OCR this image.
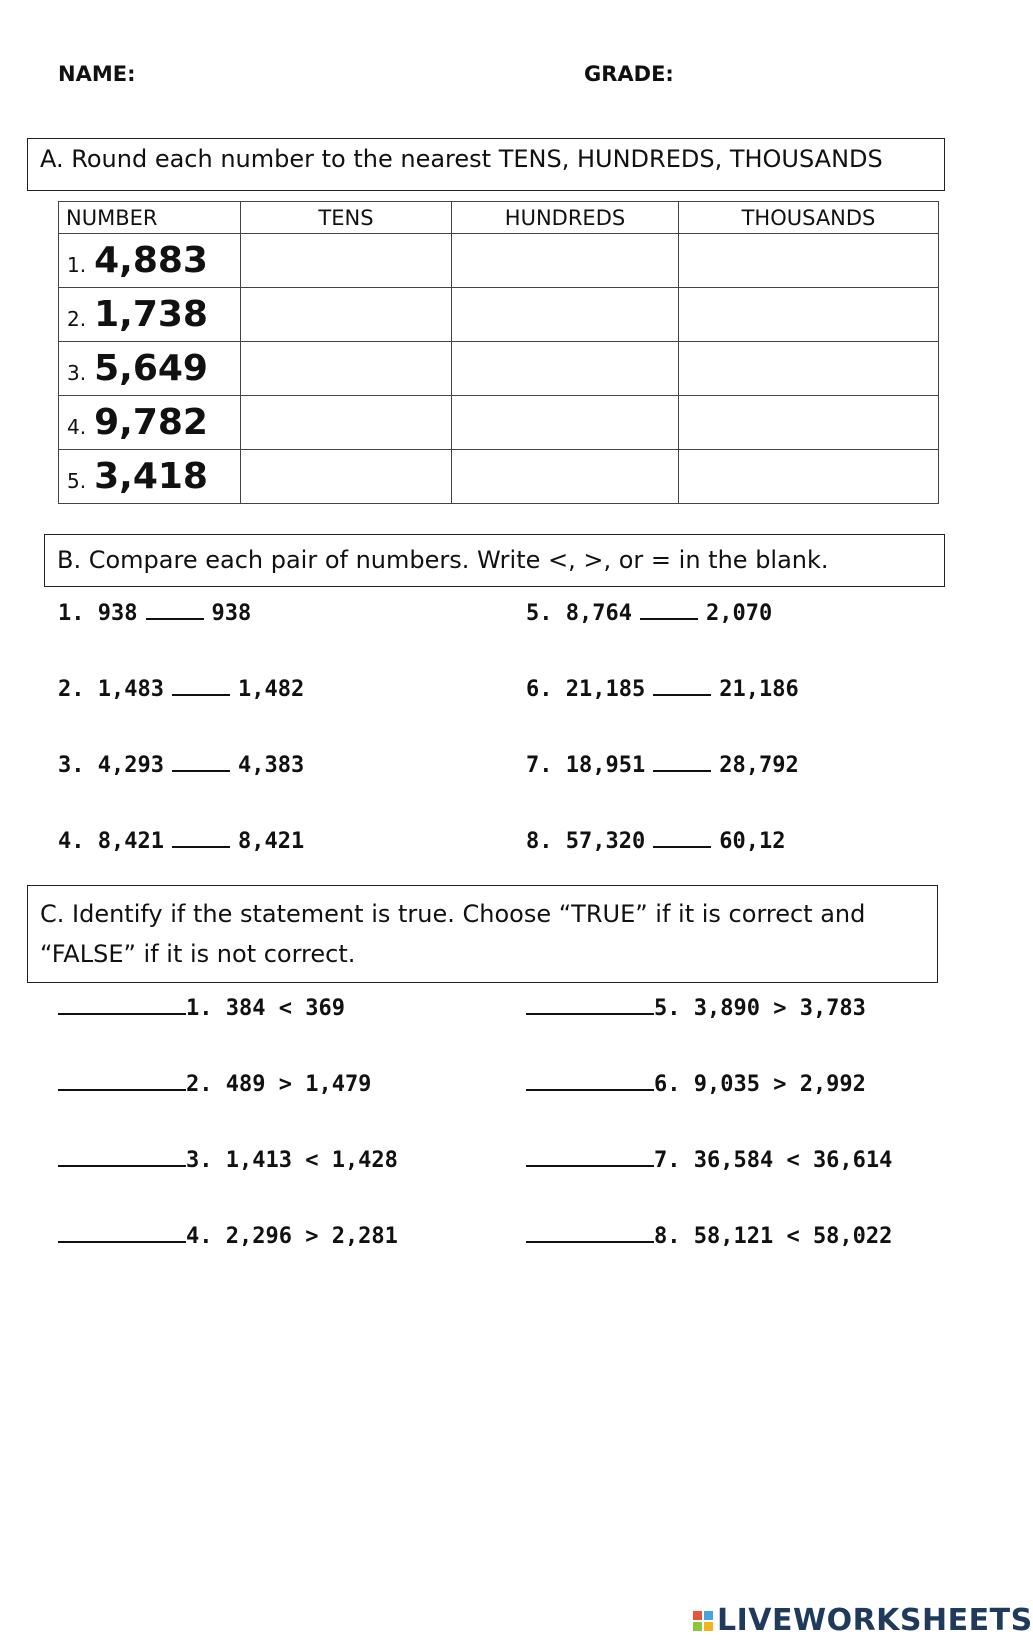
NAME:	GRADE:
A. Round each number to the nearest TENS, HUNDREDS, THOUSANDS
NUMBER	TENS	HUNDREDS	THOUSANDS
1. 4,883			
2. 1,738			
3. 5,649			
4. 9,782			
5. 3,418			
B. Compare each pair of numbers. Write <, >, or = in the blank.
1. 938	938
2. 1,483	1,482
3. 4,293	4,383
4. 8,421	8,421
5. 8,764	2,070
6. 21,185	21,186
7. 18,951	28,792
8. 57,320	60,12
C. Identify if the statement is true. Choose “TRUE” if it is correct and
“FALSE” if it is not correct.
1. 384 < 369
2. 489 > 1,479
3. 1,413 < 1,428
4. 2,296 > 2,281
5. 3,890 > 3,783
6. 9,035 > 2,992
7. 36,584 < 36,614
8. 58,121 < 58,022
LIVEWORKSHEETS
